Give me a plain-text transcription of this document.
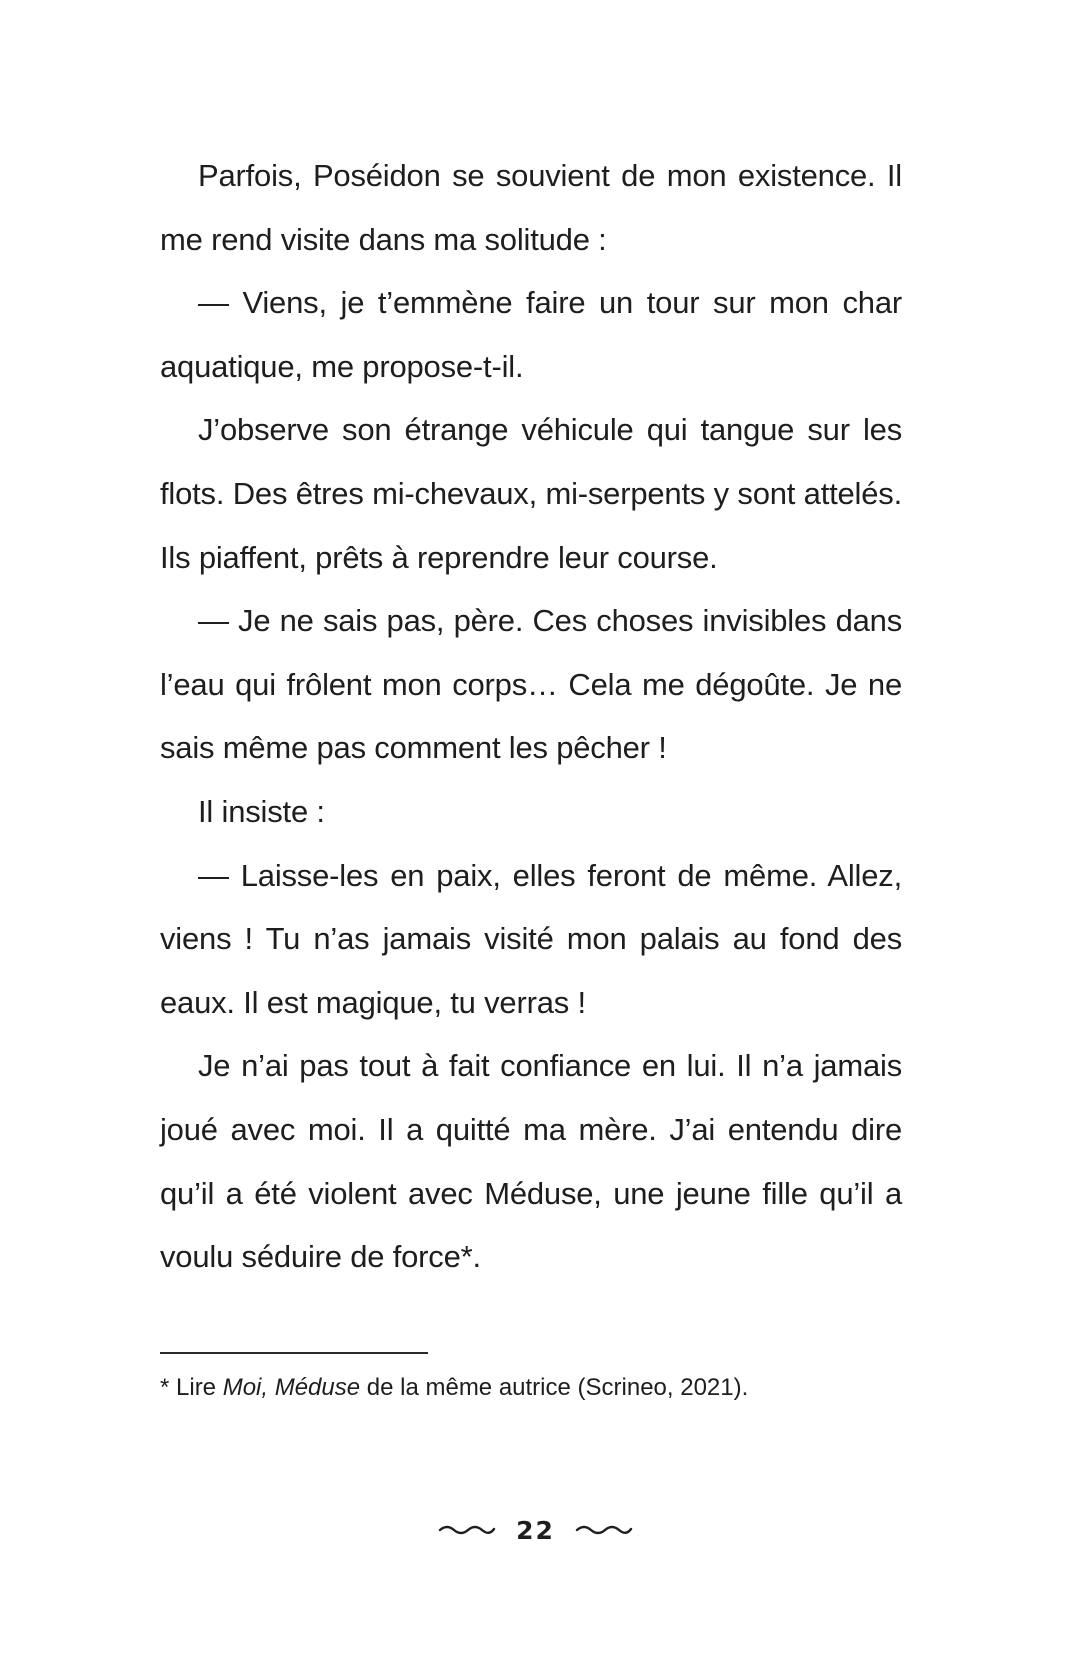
Parfois, Poséidon se souvient de mon existence. Il me rend visite dans ma solitude :

— Viens, je t’emmène faire un tour sur mon char aquatique, me propose-t-il.

J’observe son étrange véhicule qui tangue sur les flots. Des êtres mi-chevaux, mi-serpents y sont attelés. Ils piaffent, prêts à reprendre leur course.

— Je ne sais pas, père. Ces choses invisibles dans l’eau qui frôlent mon corps… Cela me dégoûte. Je ne sais même pas comment les pêcher !

Il insiste :

— Laisse-les en paix, elles feront de même. Allez, viens ! Tu n’as jamais visité mon palais au fond des eaux. Il est magique, tu verras !

Je n’ai pas tout à fait confiance en lui. Il n’a jamais joué avec moi. Il a quitté ma mère. J’ai entendu dire qu’il a été violent avec Méduse, une jeune fille qu’il a voulu séduire de force*.

* Lire Moi, Méduse de la même autrice (Scrineo, 2021).
22
